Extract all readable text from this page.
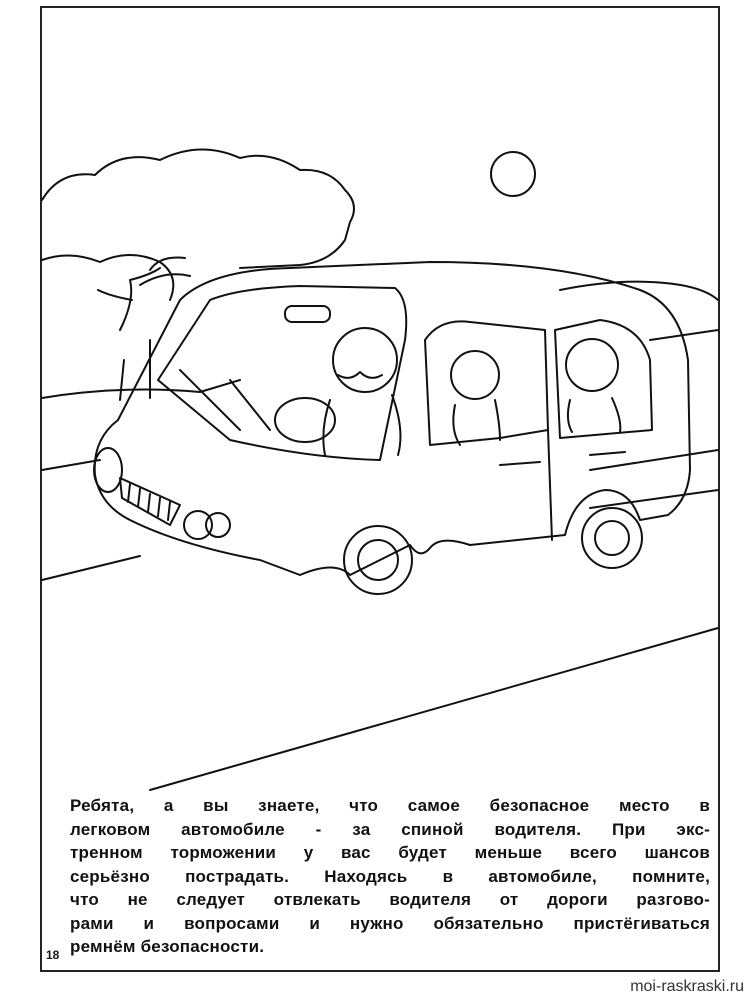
Ребята, а вы знаете, что самое безопасное место в
легковом автомобиле - за спиной водителя. При экс-
тренном торможении у вас будет меньше всего шансов
серьёзно пострадать. Находясь в автомобиле, помните,
что не следует отвлекать водителя от дороги разгово-
рами и вопросами и нужно обязательно пристёгиваться
ремнём безопасности.
18
moi-raskraski.ru
